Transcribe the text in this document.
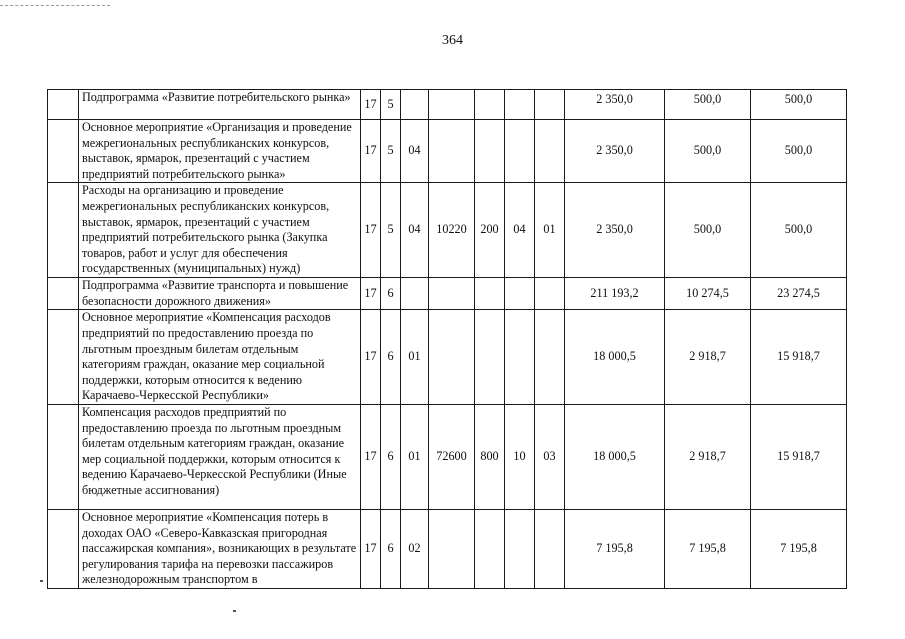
364
	Подпрограмма «Развитие потребительского рынка»	17	5						2 350,0	500,0	500,0
	Основное мероприятие «Организация и проведение межрегиональных республиканских конкурсов, выставок, ярмарок, презентаций с участием предприятий потребительского рынка»	17	5	04					2 350,0	500,0	500,0
	Расходы на организацию и проведение межрегиональных республиканских конкурсов, выставок, ярмарок, презентаций с участием предприятий потребительского рынка (Закупка товаров, работ и услуг для обеспечения государственных (муниципальных) нужд)	17	5	04	10220	200	04	01	2 350,0	500,0	500,0
	Подпрограмма «Развитие транспорта и повышение безопасности дорожного движения»	17	6						211 193,2	10 274,5	23 274,5
	Основное мероприятие «Компенсация расходов предприятий по предоставлению проезда по льготным проездным билетам отдельным категориям граждан, оказание мер социальной поддержки, которым относится к ведению Карачаево-Черкесской Республики»	17	6	01					18 000,5	2 918,7	15 918,7
	Компенсация расходов предприятий по предоставлению проезда по льготным проездным билетам отдельным категориям граждан, оказание мер социальной поддержки, которым относится к ведению Карачаево-Черкесской Республики (Иные бюджетные ассигнования)	17	6	01	72600	800	10	03	18 000,5	2 918,7	15 918,7
	Основное мероприятие «Компенсация потерь в доходах ОАО «Северо-Кавказская пригородная пассажирская компания», возникающих в результате регулирования тарифа на перевозки пассажиров железнодорожным транспортом в	17	6	02					7 195,8	7 195,8	7 195,8
